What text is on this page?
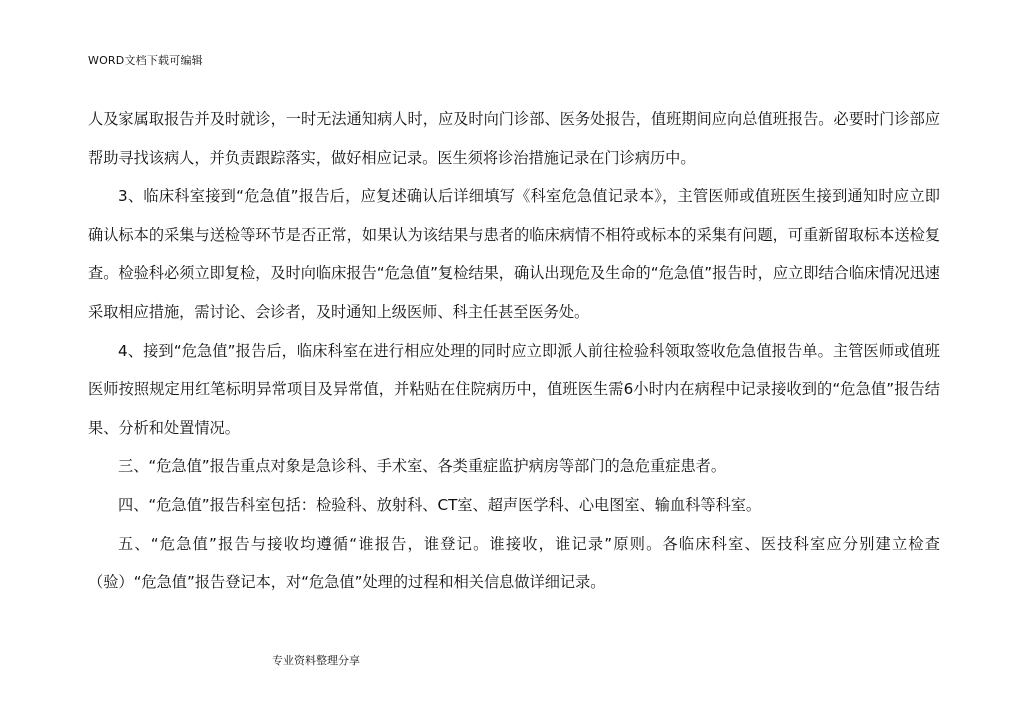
WORD文档下载可编辑

人及家属取报告并及时就诊，一时无法通知病人时，应及时向门诊部、医务处报告，值班期间应向总值班报告。必要时门诊部应帮助寻找该病人，并负责跟踪落实，做好相应记录。医生须将诊治措施记录在门诊病历中。

3、临床科室接到“危急值”报告后，应复述确认后详细填写《科室危急值记录本》，主管医师或值班医生接到通知时应立即确认标本的采集与送检等环节是否正常，如果认为该结果与患者的临床病情不相符或标本的采集有问题，可重新留取标本送检复查。检验科必须立即复检，及时向临床报告“危急值”复检结果，确认出现危及生命的“危急值”报告时，应立即结合临床情况迅速采取相应措施，需讨论、会诊者，及时通知上级医师、科主任甚至医务处。

4、接到“危急值”报告后，临床科室在进行相应处理的同时应立即派人前往检验科领取签收危急值报告单。主管医师或值班医师按照规定用红笔标明异常项目及异常值，并粘贴在住院病历中，值班医生需6小时内在病程中记录接收到的“危急值”报告结果、分析和处置情况。

三、“危急值”报告重点对象是急诊科、手术室、各类重症监护病房等部门的急危重症患者。

四、“危急值”报告科室包括：检验科、放射科、CT室、超声医学科、心电图室、输血科等科室。

五、“危急值”报告与接收均遵循“谁报告，谁登记。谁接收，谁记录”原则。各临床科室、医技科室应分别建立检查（验）“危急值”报告登记本，对“危急值”处理的过程和相关信息做详细记录。

专业资料整理分享
